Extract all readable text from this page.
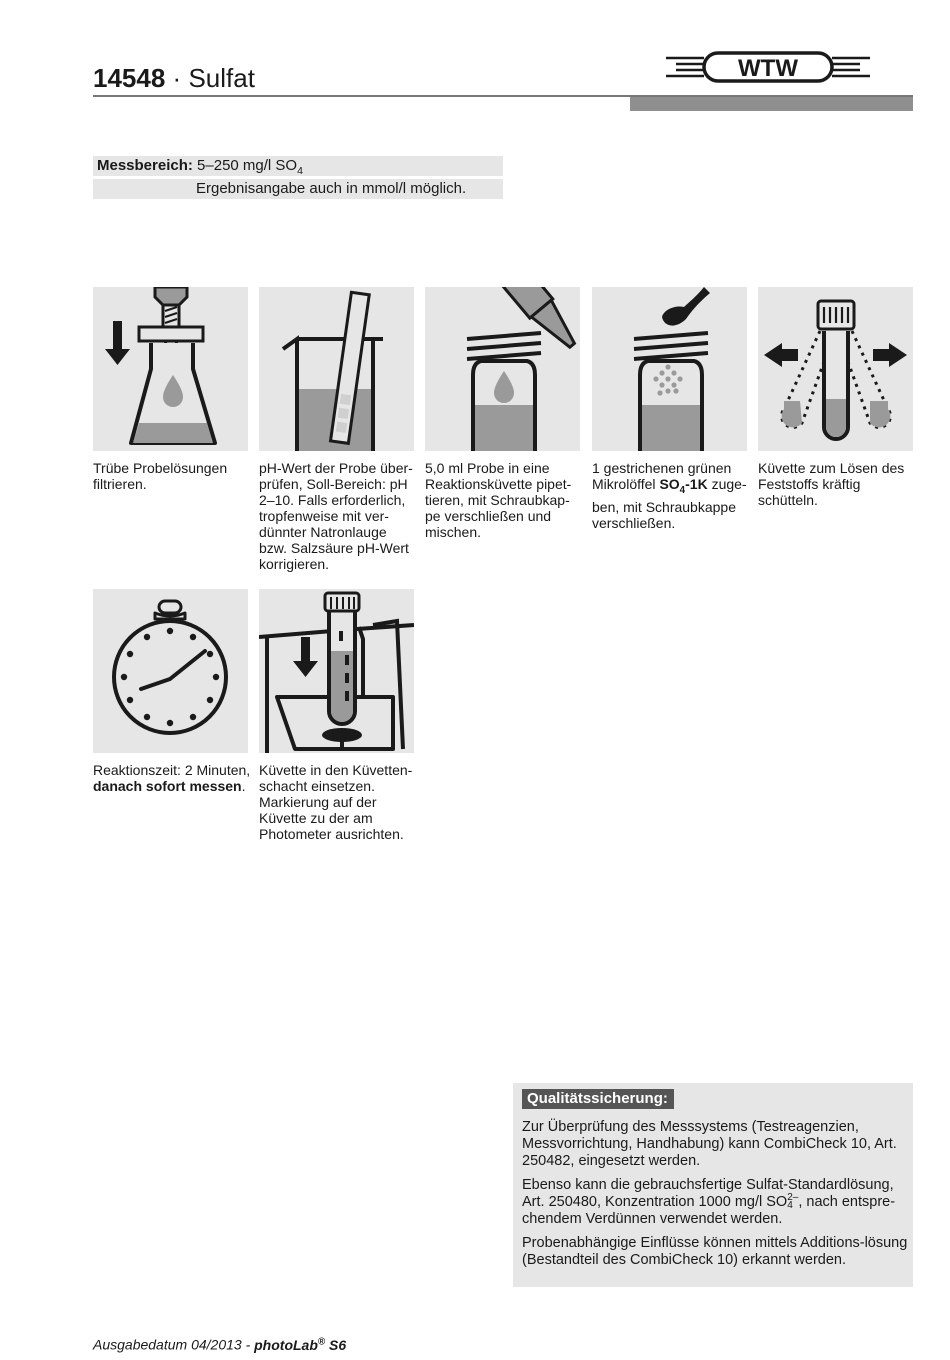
14548 · Sulfat	WTW
Messbereich: 5–250 mg/l $SO_4$
Ergebnisangabe auch in mmol/l möglich.
Trübe Probelösungen filtrieren.
pH-Wert der Probe über-prüfen, Soll-Bereich: pH 2–10. Falls erforderlich, tropfenweise mit ver-dünnter Natronlauge bzw. Salzsäure pH-Wert korrigieren.
5,0 ml Probe in eine Reaktionsküvette pipet-tieren, mit Schraubkap-pe verschließen und mischen.
1 gestrichenen grünen Mikrolöffel $SO_4-1K$ zuge-ben, mit Schraubkappe verschließen.
Küvette zum Lösen des Feststoffs kräftig schütteln.
Reaktionszeit: 2 Minuten, danach sofort messen.
Küvette in den Küvetten-schacht einsetzen. Markierung auf der Küvette zu der am Photometer ausrichten.
Qualitätssicherung:
Zur Überprüfung des Messsystems (Testreagenzien, Messvorrichtung, Handhabung) kann CombiCheck 10, Art. 250482, eingesetzt werden.
Ebenso kann die gebrauchsfertige Sulfat-Standardlösung, Art. 250480, Konzentration 1000 mg/l SO 2–
4 , nach entspre-chendem Verdünnen verwendet werden.
Probenabhängige Einflüsse können mittels Additions-lösung (Bestandteil des CombiCheck 10) erkannt werden.
Ausgabedatum 04/2013 - photoLab® S6
